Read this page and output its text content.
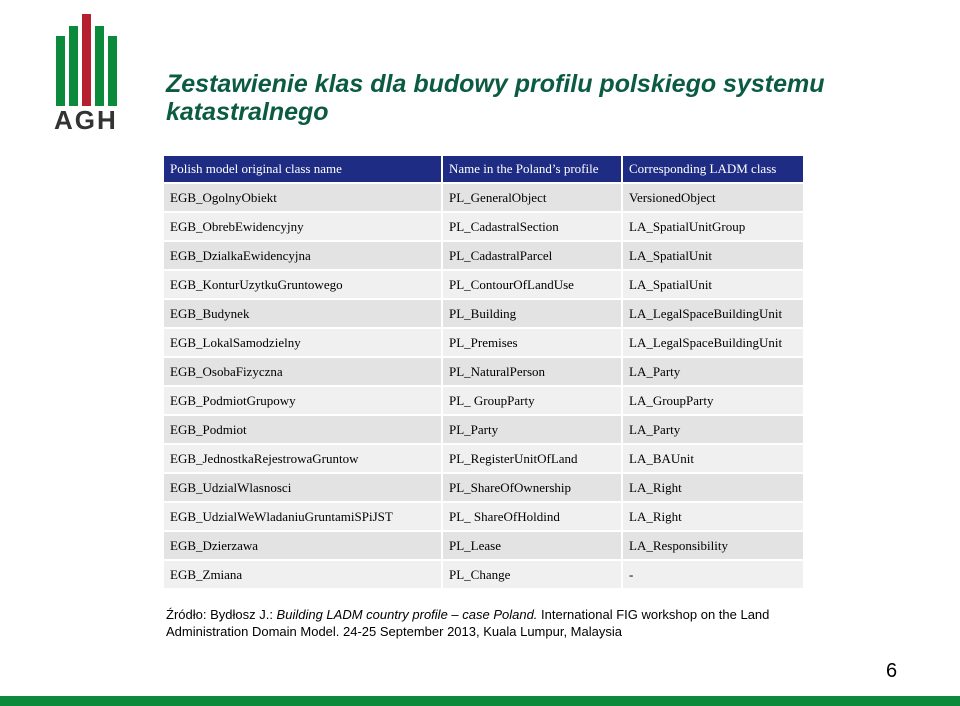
AGH
Zestawienie klas dla budowy profilu polskiego systemu katastralnego
Polish model original class name	Name in the Poland’s profile	Corresponding LADM class
EGB_OgolnyObiekt	PL_GeneralObject	VersionedObject
EGB_ObrebEwidencyjny	PL_CadastralSection	LA_SpatialUnitGroup
EGB_DzialkaEwidencyjna	PL_CadastralParcel	LA_SpatialUnit
EGB_KonturUzytkuGruntowego	PL_ContourOfLandUse	LA_SpatialUnit
EGB_Budynek	PL_Building	LA_LegalSpaceBuildingUnit
EGB_LokalSamodzielny	PL_Premises	LA_LegalSpaceBuildingUnit
EGB_OsobaFizyczna	PL_NaturalPerson	LA_Party
EGB_PodmiotGrupowy	PL_ GroupParty	LA_GroupParty
EGB_Podmiot	PL_Party	LA_Party
EGB_JednostkaRejestrowaGruntow	PL_RegisterUnitOfLand	LA_BAUnit
EGB_UdzialWlasnosci	PL_ShareOfOwnership	LA_Right
EGB_UdzialWeWladaniuGruntamiSPiJST	PL_ ShareOfHoldind	LA_Right
EGB_Dzierzawa	PL_Lease	LA_Responsibility
EGB_Zmiana	PL_Change	-
Źródło: Bydłosz J.: Building LADM country profile – case Poland. International FIG workshop on the Land Administration Domain Model. 24-25 September 2013, Kuala Lumpur, Malaysia
6
